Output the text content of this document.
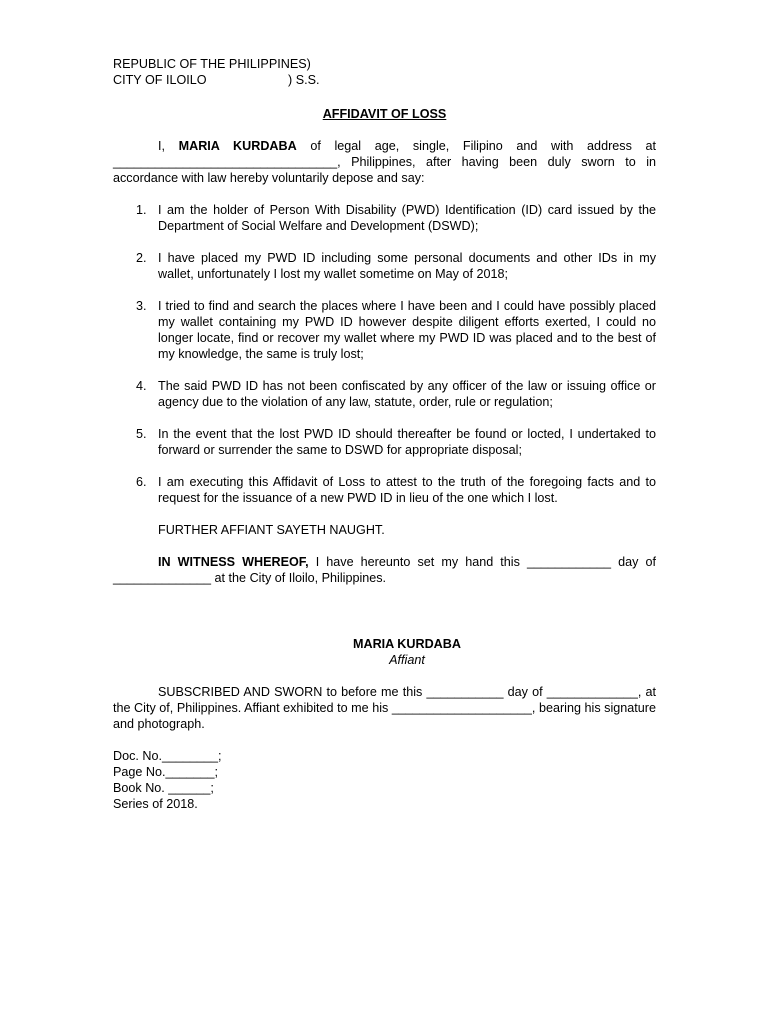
REPUBLIC OF THE PHILIPPINES)
CITY OF ILOILO	) S.S.
AFFIDAVIT OF LOSS
I, MARIA KURDABA of legal age, single, Filipino and with address at ________________________________, Philippines, after having been duly sworn to in accordance with law hereby voluntarily depose and say:
1. I am the holder of Person With Disability (PWD) Identification (ID) card issued by the Department of Social Welfare and Development (DSWD);
2. I have placed my PWD ID including some personal documents and other IDs in my wallet, unfortunately I lost my wallet sometime on May of 2018;
3. I tried to find and search the places where I have been and I could have possibly placed my wallet containing my PWD ID however despite diligent efforts exerted, I could no longer locate, find or recover my wallet where my PWD ID was placed and to the best of my knowledge, the same is truly lost;
4. The said PWD ID has not been confiscated by any officer of the law or issuing office or agency due to the violation of any law, statute, order, rule or regulation;
5. In the event that the lost PWD ID should thereafter be found or locted, I undertaked to forward or surrender the same to DSWD for appropriate disposal;
6. I am executing this Affidavit of Loss to attest to the truth of the foregoing facts and to request for the issuance of a new PWD ID in lieu of the one which I lost.
FURTHER AFFIANT SAYETH NAUGHT.
IN WITNESS WHEREOF, I have hereunto set my hand this ____________ day of ______________ at the City of Iloilo, Philippines.
MARIA KURDABA
Affiant
SUBSCRIBED AND SWORN to before me this ___________ day of _____________, at the City of, Philippines. Affiant exhibited to me his ____________________, bearing his signature and photograph.
Doc. No.________;
Page No._______;
Book No. ______;
Series of 2018.
